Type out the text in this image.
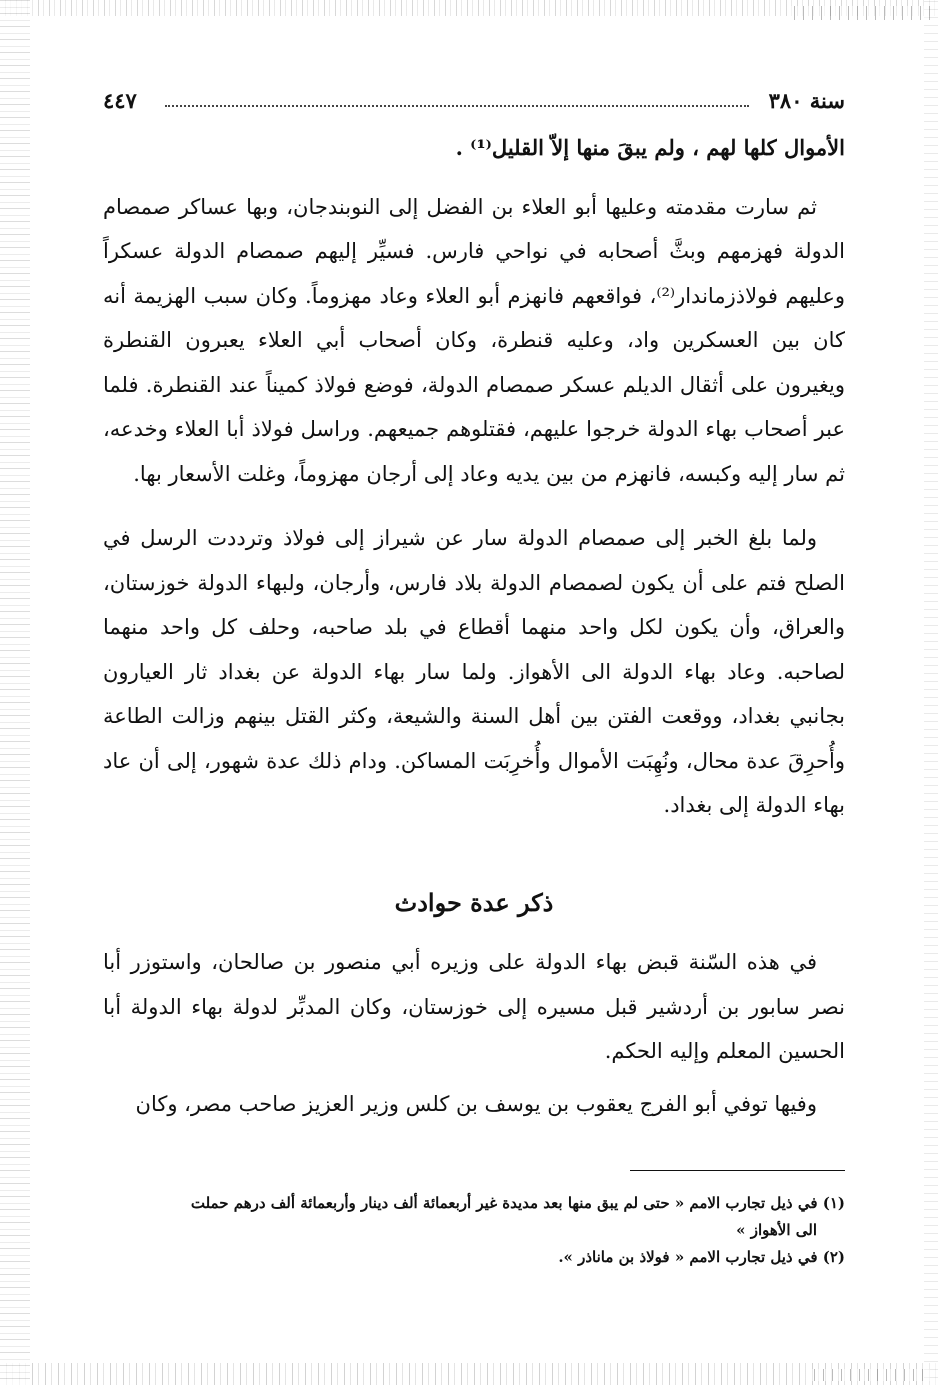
سنة ٣٨٠
٤٤٧

الأموال كلها لهم ، ولم يبقَ منها إلاّ القليل⁽¹⁾ .

ثم سارت مقدمته وعليها أبو العلاء بن الفضل إلى النوبندجان، وبها عساكر صمصام الدولة فهزمهم وبثَّ أصحابه في نواحي فارس. فسيِّر إليهم صمصام الدولة عسكراً وعليهم فولاذزماندار⁽²⁾، فواقعهم فانهزم أبو العلاء وعاد مهزوماً. وكان سبب الهزيمة أنه كان بين العسكرين واد، وعليه قنطرة، وكان أصحاب أبي العلاء يعبرون القنطرة ويغيرون على أثقال الديلم عسكر صمصام الدولة، فوضع فولاذ كميناً عند القنطرة. فلما عبر أصحاب بهاء الدولة خرجوا عليهم، فقتلوهم جميعهم. وراسل فولاذ أبا العلاء وخدعه، ثم سار إليه وكبسه، فانهزم من بين يديه وعاد إلى أرجان مهزوماً، وغلت الأسعار بها.

ولما بلغ الخبر إلى صمصام الدولة سار عن شيراز إلى فولاذ وترددت الرسل في الصلح فتم على أن يكون لصمصام الدولة بلاد فارس، وأرجان، ولبهاء الدولة خوزستان، والعراق، وأن يكون لكل واحد منهما أقطاع في بلد صاحبه، وحلف كل واحد منهما لصاحبه. وعاد بهاء الدولة الى الأهواز. ولما سار بهاء الدولة عن بغداد ثار العيارون بجانبي بغداد، ووقعت الفتن بين أهل السنة والشيعة، وكثر القتل بينهم وزالت الطاعة وأُحرِقَ عدة محال، ونُهِبَت الأموال وأُخرِبَت المساكن. ودام ذلك عدة شهور، إلى أن عاد بهاء الدولة إلى بغداد.

ذكر عدة حوادث

في هذه السّنة قبض بهاء الدولة على وزيره أبي منصور بن صالحان، واستوزر أبا نصر سابور بن أردشير قبل مسيره إلى خوزستان، وكان المدبِّر لدولة بهاء الدولة أبا الحسين المعلم وإليه الحكم.

وفيها توفي أبو الفرج يعقوب بن يوسف بن كلس وزير العزيز صاحب مصر، وكان

(١) في ذيل تجارب الامم « حتى لم يبق منها بعد مديدة غير أربعمائة ألف دينار وأربعمائة ألف درهم حملت
الى الأهواز »

(٢) في ذيل تجارب الامم « فولاذ بن ماناذر ».
